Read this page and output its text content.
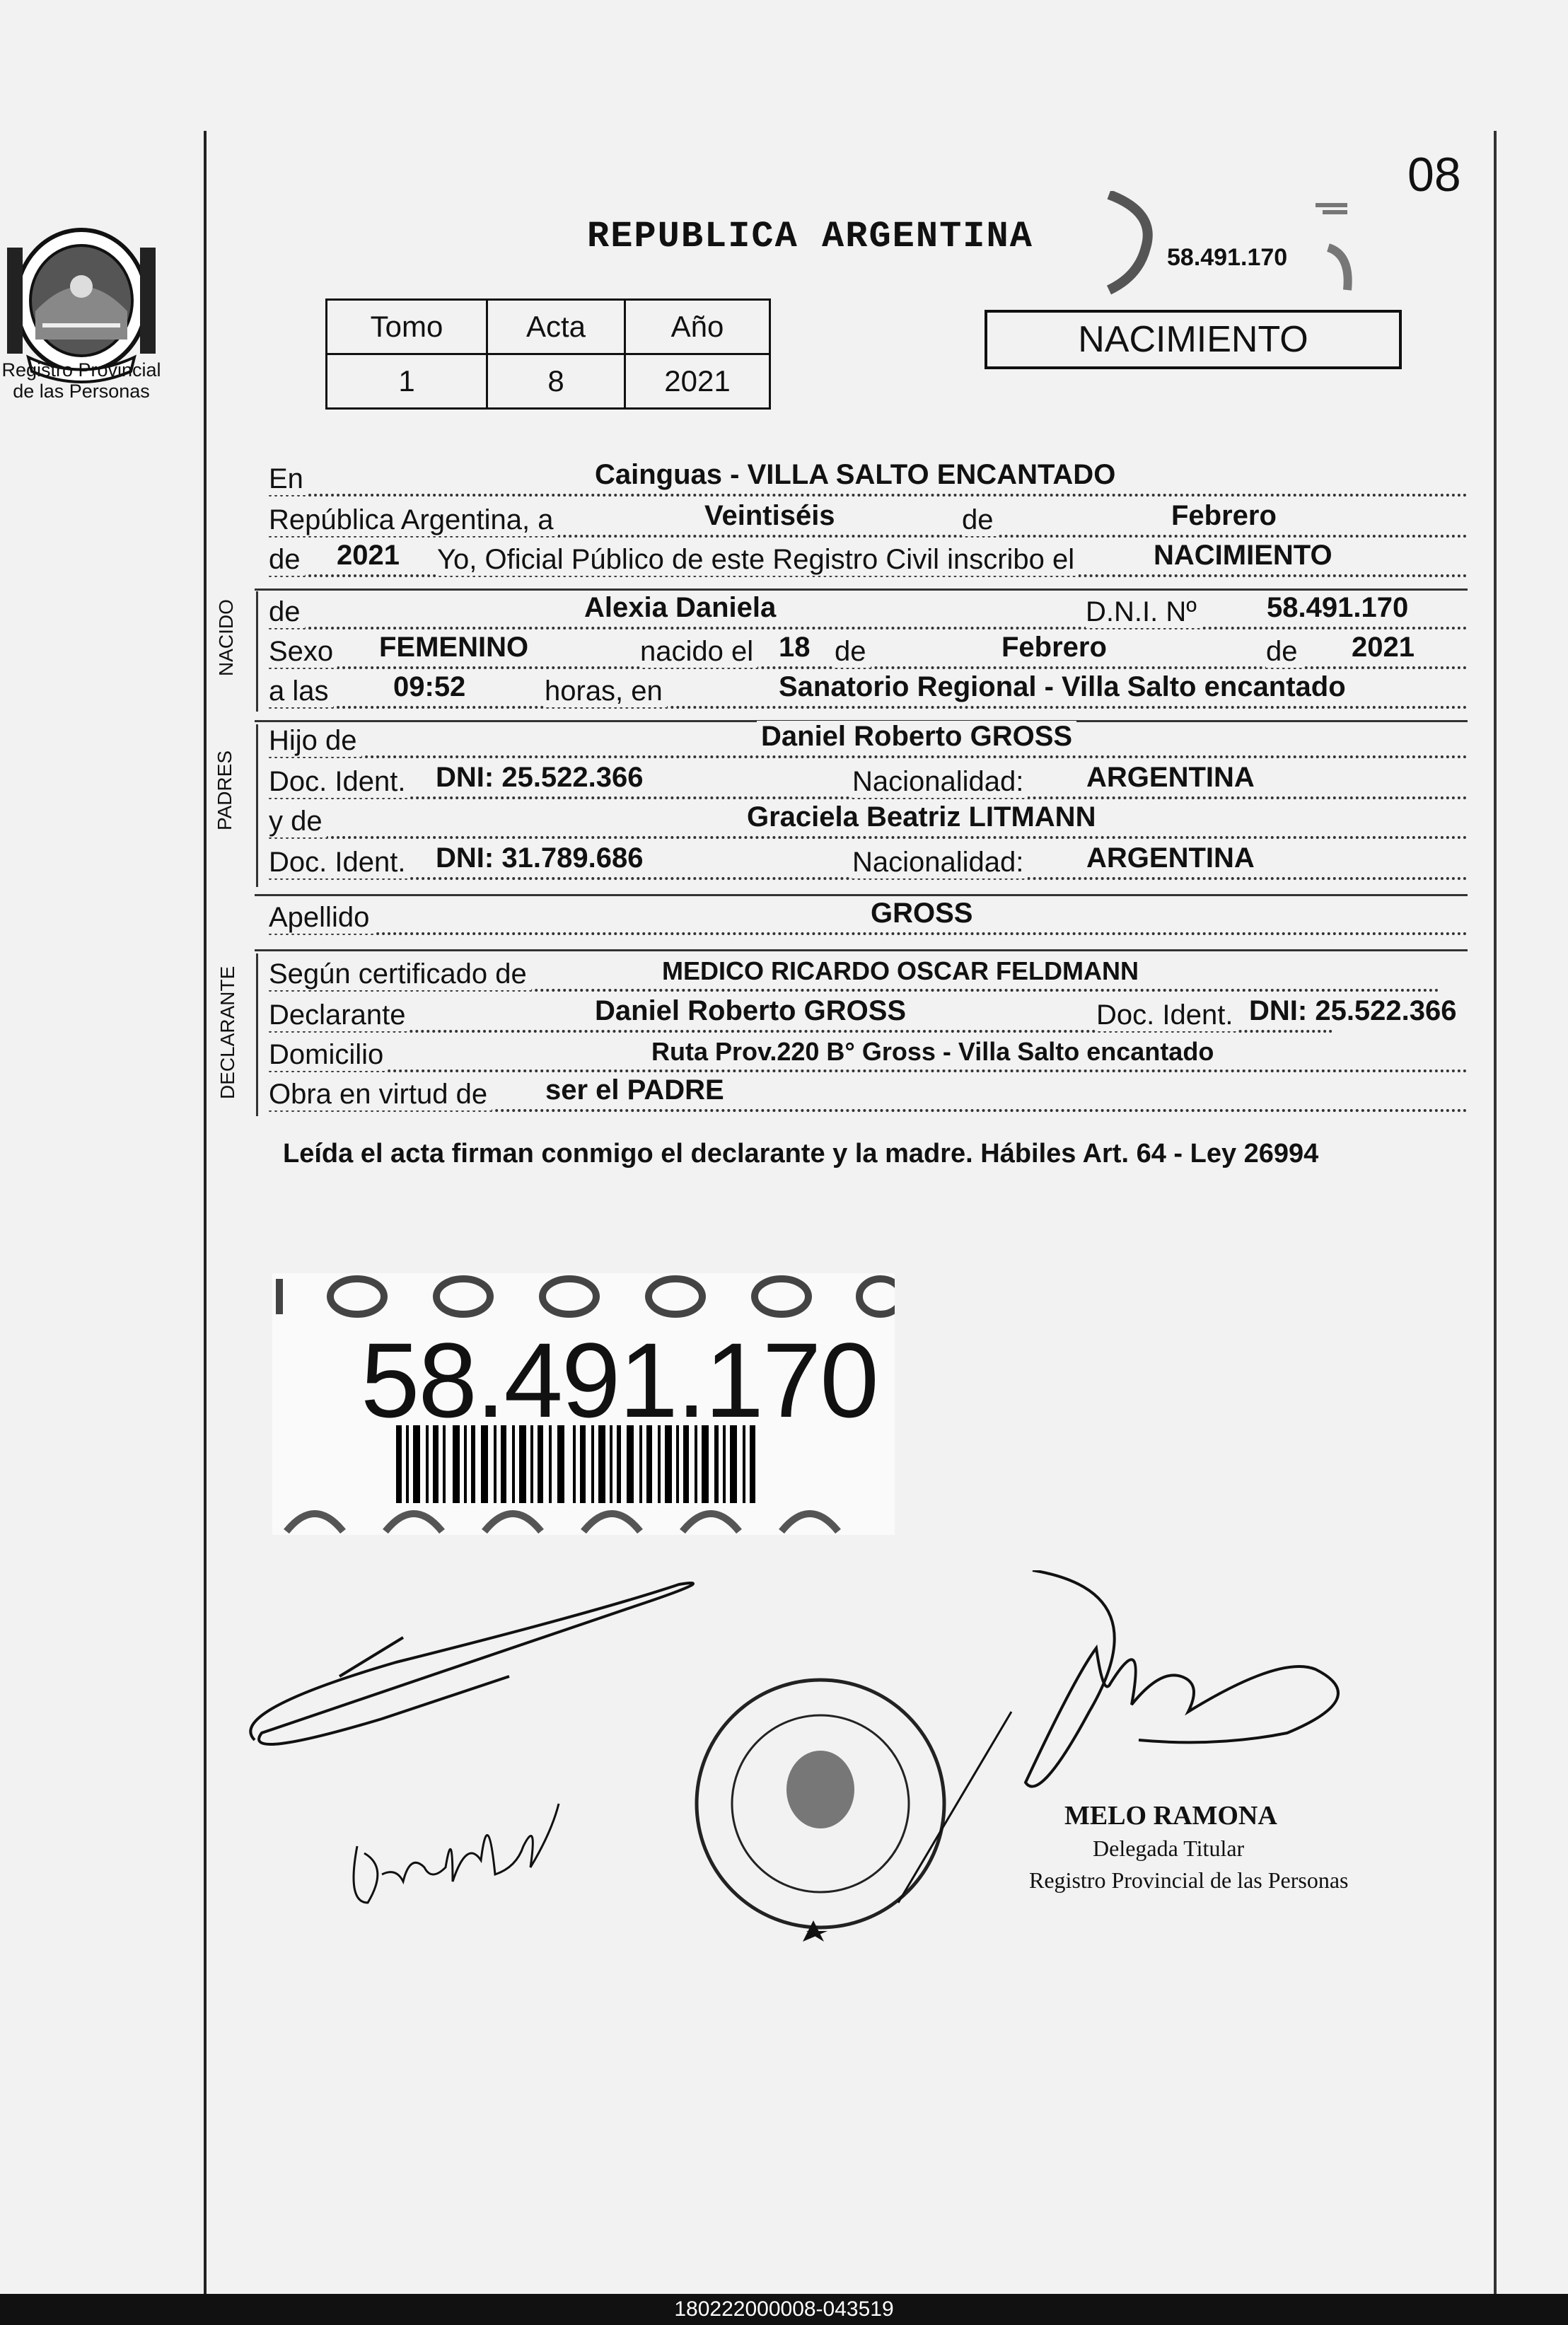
Registro Provincial
de las Personas
08
REPUBLICA ARGENTINA	58.491.170
Tomo	Acta	Año
1	8	2021
NACIMIENTO
En	Cainguas - VILLA SALTO ENCANTADO
República Argentina, a	Veintiséis	de	Febrero
de 2021 Yo, Oficial Público de este Registro Civil inscribo el	NACIMIENTO
NACIDO de	Alexia Daniela	D.N.I. Nº 58.491.170
Sexo FEMENINO	nacido el 18 de	Febrero	de 2021
a las 09:52	horas, en	Sanatorio Regional - Villa Salto encantado
PADRES
Hijo de	Daniel Roberto GROSS
Doc. Ident. DNI: 25.522.366	Nacionalidad: ARGENTINA
y de	Graciela Beatriz LITMANN
Doc. Ident. DNI: 31.789.686	Nacionalidad: ARGENTINA
Apellido	GROSS
DECLARANTE Según certificado de	MEDICO RICARDO OSCAR FELDMANN
Declarante	Daniel Roberto GROSS	Doc. Ident. DNI: 25.522.366
Domicilio	Ruta Prov.220 B° Gross - Villa Salto encantado
Obra en virtud de ser el PADRE
Leída el acta firman conmigo el declarante y la madre. Hábiles Art. 64 - Ley 26994
58.491.170
MELO RAMONA
Delegada Titular
Registro Provincial de las Personas
180222000008-043519
